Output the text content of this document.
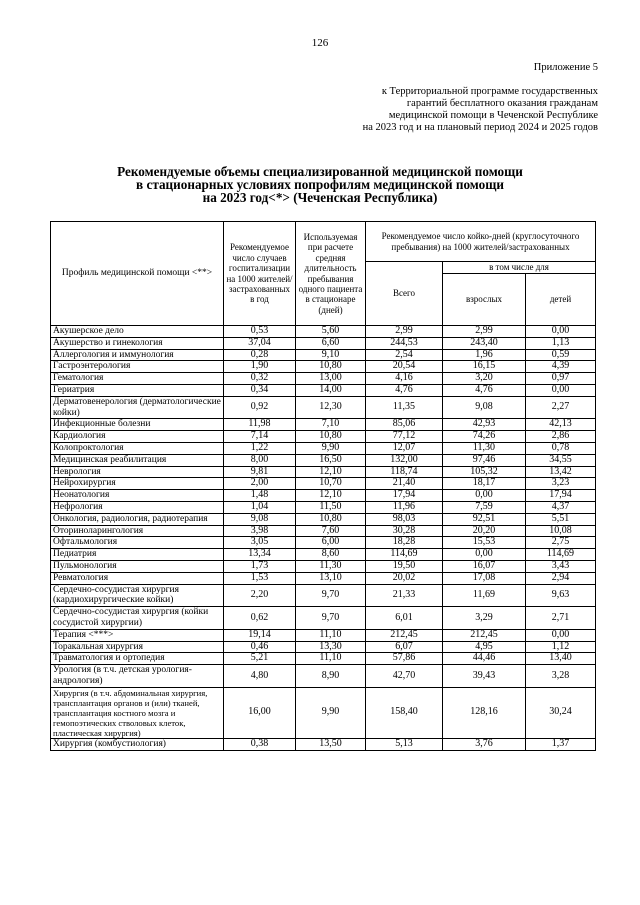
126
Приложение 5
к Территориальной программе государственных
гарантий бесплатного оказания гражданам
медицинской помощи в Чеченской Республике
на 2023 год и на плановый период 2024 и 2025 годов
Рекомендуемые объемы специализированной медицинской помощи
в стационарных условиях попрофилям медицинской помощи
на 2023 год<*> (Чеченская Республика)
Профиль медицинской помощи <**>	Рекомендуемое число случаев госпитализации на 1000 жителей/застрахованных в год	Используемая при расчете средняя длительность пребывания одного пациента в стационаре (дней)	Рекомендуемое число койко-дней (круглосуточного пребывания) на 1000 жителей/застрахованных		
			Всего	в том числе для	
				взрослых	детей
Акушерское дело	0,53	5,60	2,99	2,99	0,00
Акушерство и гинекология	37,04	6,60	244,53	243,40	1,13
Аллергология и иммунология	0,28	9,10	2,54	1,96	0,59
Гастроэнтерология	1,90	10,80	20,54	16,15	4,39
Гематология	0,32	13,00	4,16	3,20	0,97
Гериатрия	0,34	14,00	4,76	4,76	0,00
Дерматовенерология (дерматологические койки)	0,92	12,30	11,35	9,08	2,27
Инфекционные болезни	11,98	7,10	85,06	42,93	42,13
Кардиология	7,14	10,80	77,12	74,26	2,86
Колопроктология	1,22	9,90	12,07	11,30	0,78
Медицинская реабилитация	8,00	16,50	132,00	97,46	34,55
Неврология	9,81	12,10	118,74	105,32	13,42
Нейрохирургия	2,00	10,70	21,40	18,17	3,23
Неонатология	1,48	12,10	17,94	0,00	17,94
Нефрология	1,04	11,50	11,96	7,59	4,37
Онкология, радиология, радиотерапия	9,08	10,80	98,03	92,51	5,51
Оториноларингология	3,98	7,60	30,28	20,20	10,08
Офтальмология	3,05	6,00	18,28	15,53	2,75
Педиатрия	13,34	8,60	114,69	0,00	114,69
Пульмонология	1,73	11,30	19,50	16,07	3,43
Ревматология	1,53	13,10	20,02	17,08	2,94
Сердечно-сосудистая хирургия (кардиохирургические койки)	2,20	9,70	21,33	11,69	9,63
Сердечно-сосудистая хирургия (койки сосудистой хирургии)	0,62	9,70	6,01	3,29	2,71
Терапия <***>	19,14	11,10	212,45	212,45	0,00
Торакальная хирургия	0,46	13,30	6,07	4,95	1,12
Травматология и ортопедия	5,21	11,10	57,86	44,46	13,40
Урология (в т.ч. детская урология-андрология)	4,80	8,90	42,70	39,43	3,28
Хирургия (в т.ч. абдоминальная хирургия, трансплантация органов и (или) тканей, трансплантация костного мозга и гемопоэтических стволовых клеток, пластическая хирургия)	16,00	9,90	158,40	128,16	30,24
Хирургия (комбустиология)	0,38	13,50	5,13	3,76	1,37
